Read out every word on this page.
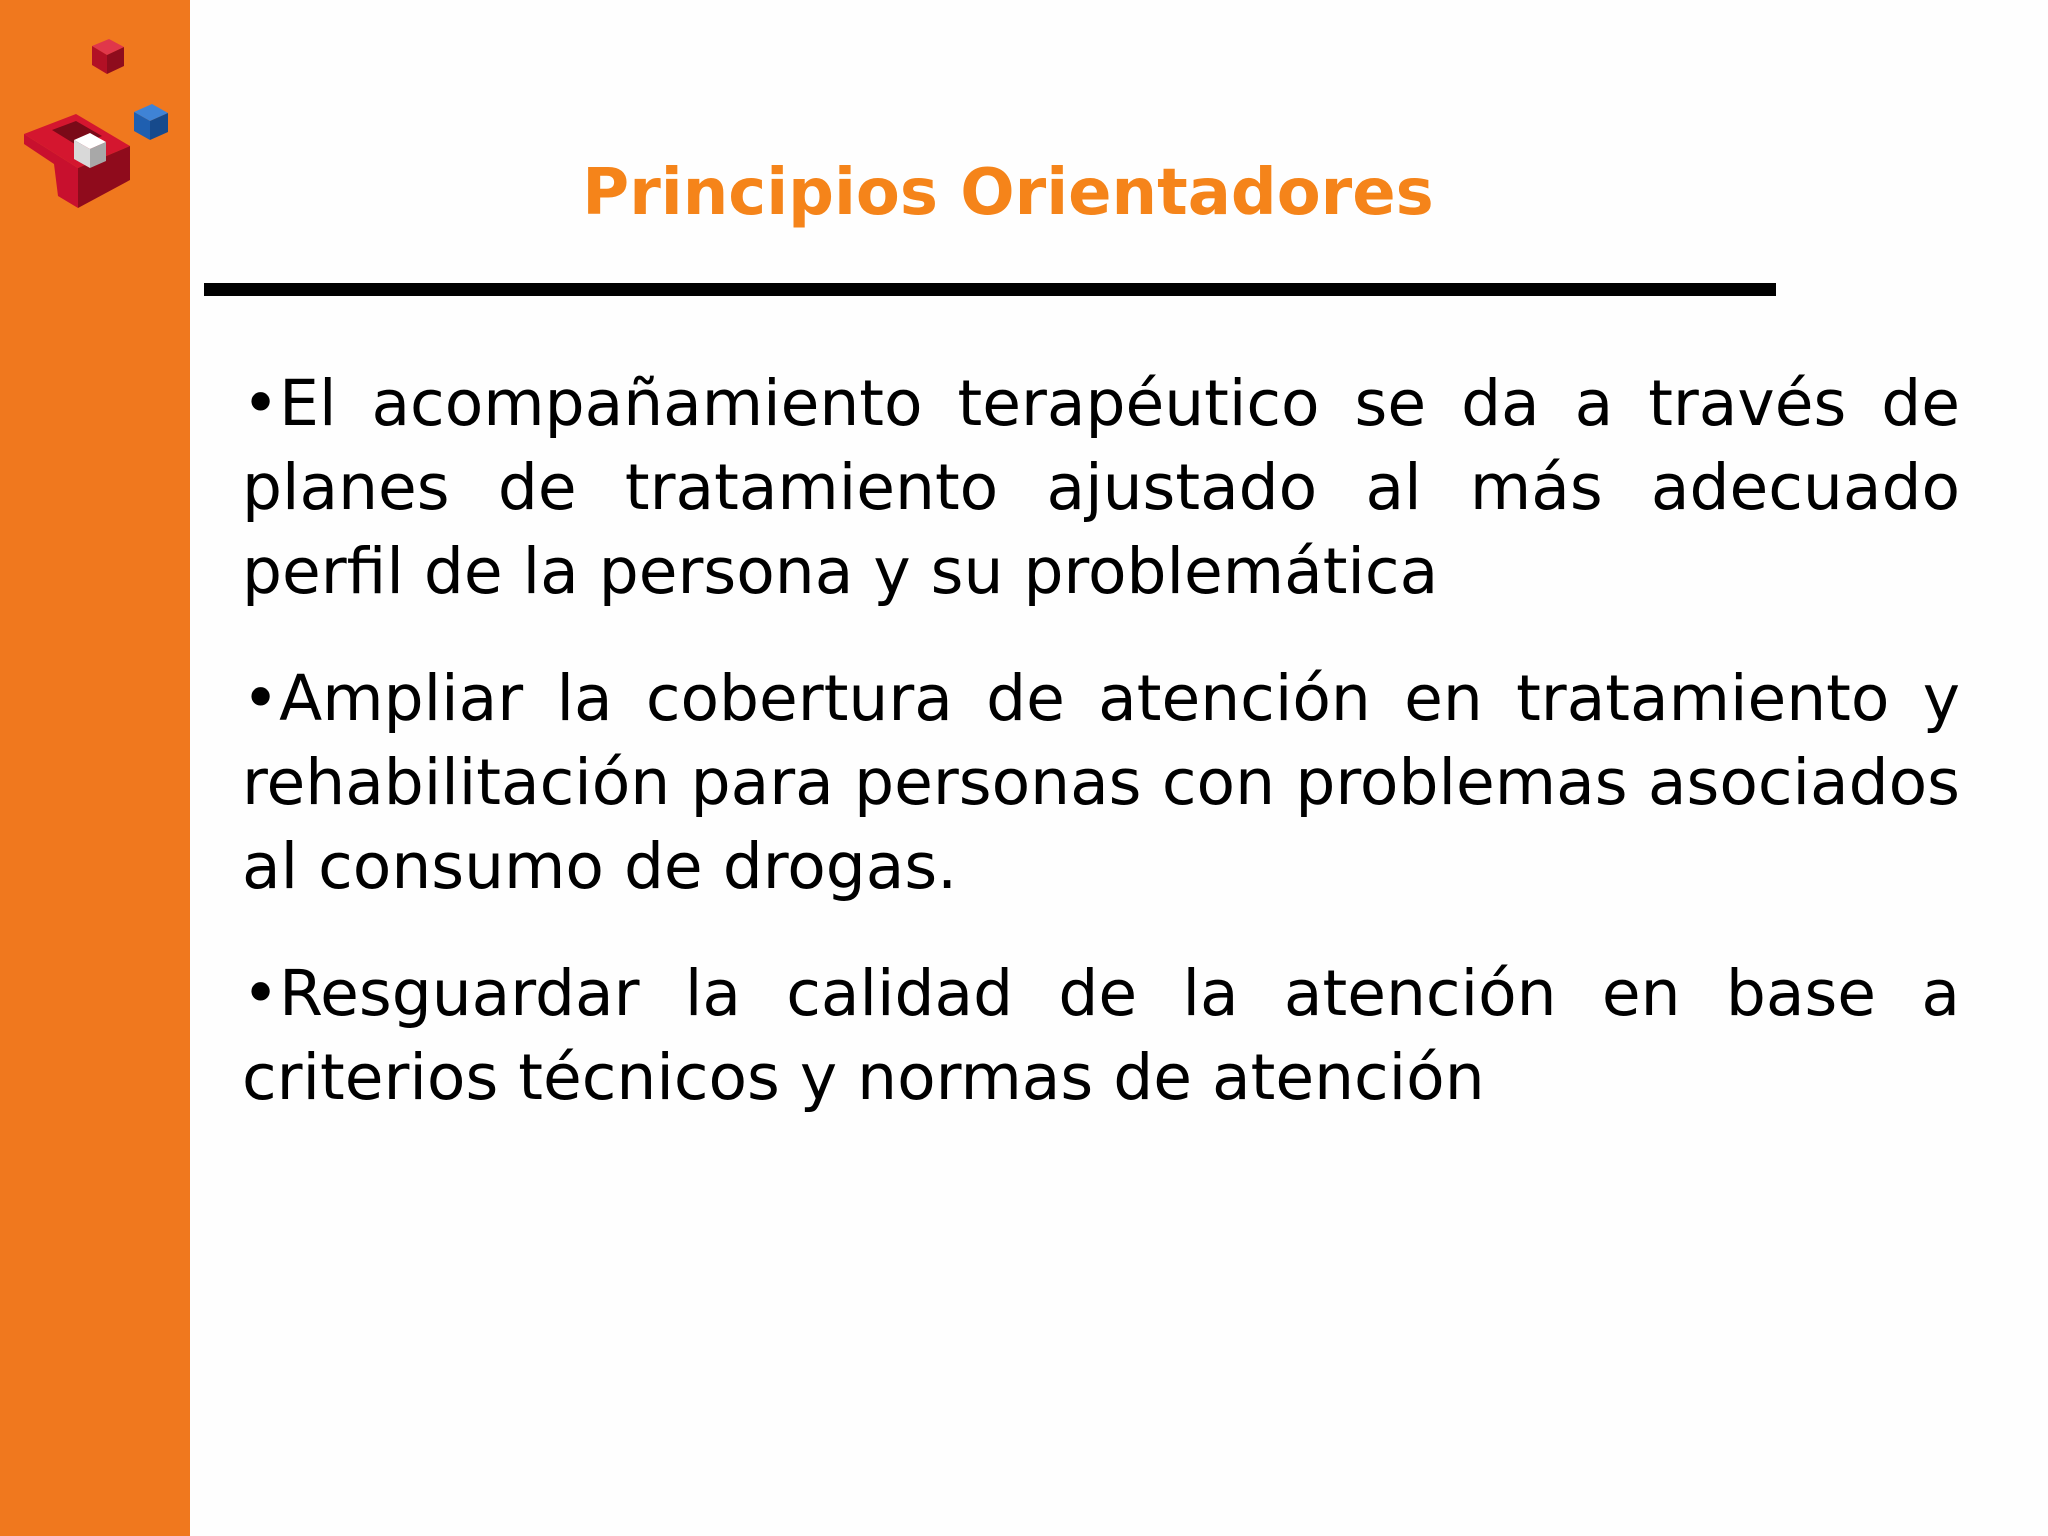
Principios Orientadores

•El acompañamiento terapéutico se da a través de planes de tratamiento ajustado al más adecuado perfil de la persona y su problemática

•Ampliar la cobertura de atención en tratamiento y rehabilitación para personas con problemas asociados al consumo de drogas.

•Resguardar la calidad de la atención en base a criterios técnicos y normas de atención
